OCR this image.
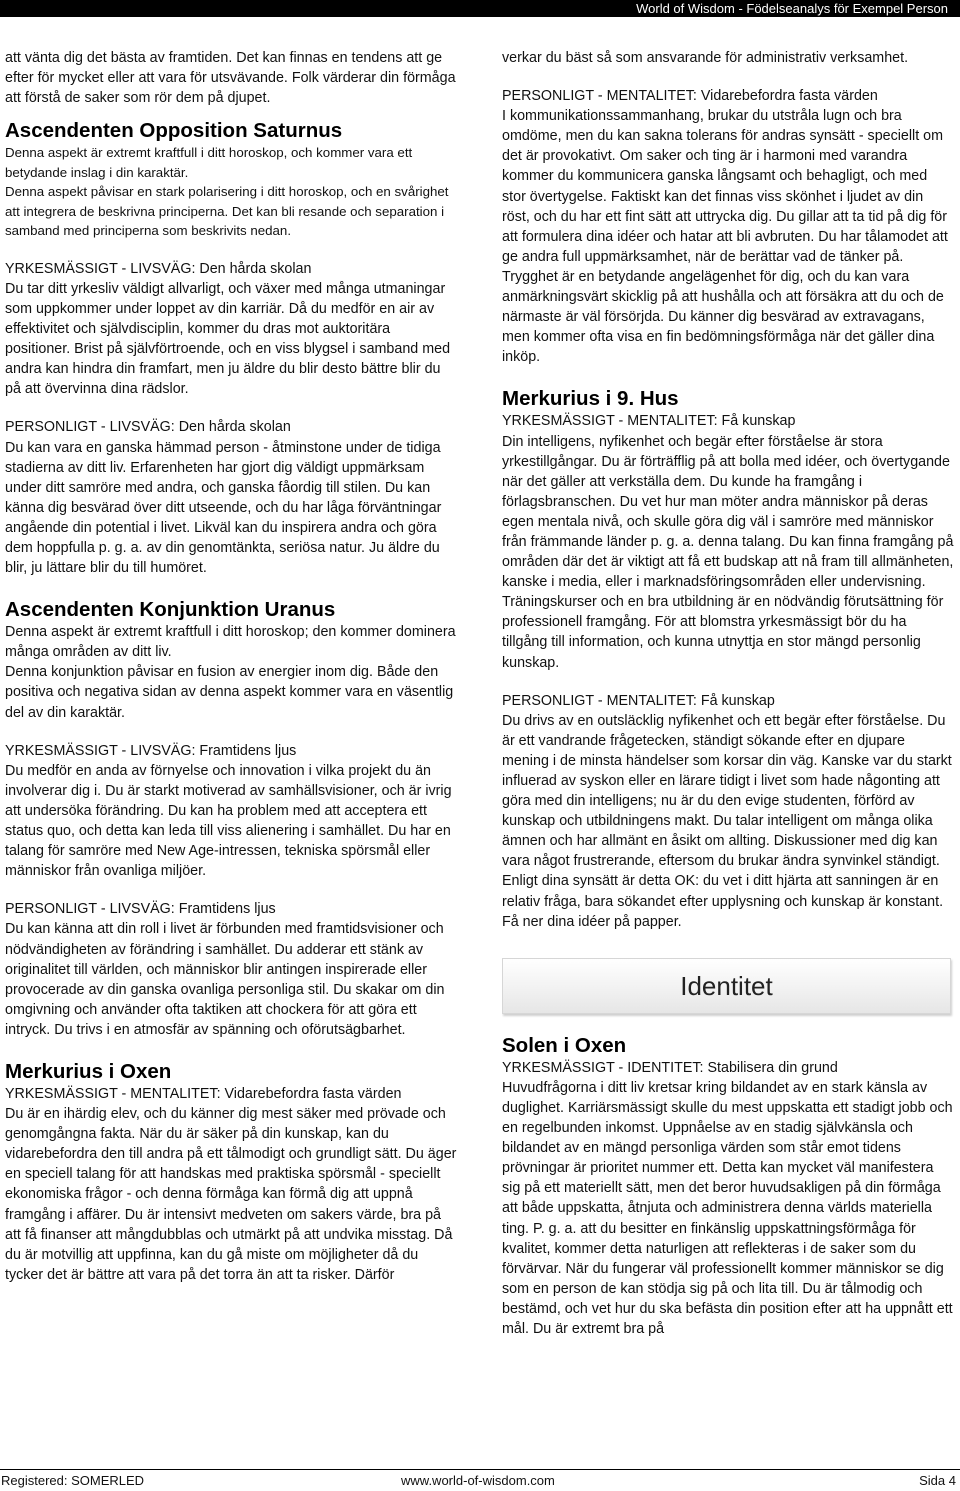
World of Wisdom - Födelseanalys för Exempel Person

att vänta dig det bästa av framtiden. Det kan finnas en tendens att ge efter för mycket eller att vara för utsvävande. Folk värderar din förmåga att förstå de saker som rör dem på djupet.

Ascendenten Opposition Saturnus

Denna aspekt är extremt kraftfull i ditt horoskop, och kommer vara ett betydande inslag i din karaktär.

Denna aspekt påvisar en stark polarisering i ditt horoskop, och en svårighet att integrera de beskrivna principerna. Det kan bli resande och separation i samband med principerna som beskrivits nedan.

YRKESMÄSSIGT - LIVSVÄG: Den hårda skolan

Du tar ditt yrkesliv väldigt allvarligt, och växer med många utmaningar som uppkommer under loppet av din karriär. Då du medför en air av effektivitet och självdisciplin, kommer du dras mot auktoritära positioner. Brist på självförtroende, och en viss blygsel i samband med andra kan hindra din framfart, men ju äldre du blir desto bättre blir du på att övervinna dina rädslor.

PERSONLIGT - LIVSVÄG: Den hårda skolan

Du kan vara en ganska hämmad person - åtminstone under de tidiga stadierna av ditt liv. Erfarenheten har gjort dig väldigt uppmärksam under ditt samröre med andra, och ganska fåordig till stilen. Du kan känna dig besvärad över ditt utseende, och du har låga förväntningar angående din potential i livet. Likväl kan du inspirera andra och göra dem hoppfulla p. g. a. av din genomtänkta, seriösa natur. Ju äldre du blir, ju lättare blir du till humöret.

Ascendenten Konjunktion Uranus

Denna aspekt är extremt kraftfull i ditt horoskop; den kommer dominera många områden av ditt liv.

Denna konjunktion påvisar en fusion av energier inom dig. Både den positiva och negativa sidan av denna aspekt kommer vara en väsentlig del av din karaktär.

YRKESMÄSSIGT - LIVSVÄG: Framtidens ljus

Du medför en anda av förnyelse och innovation i vilka projekt du än involverar dig i. Du är starkt motiverad av samhällsvisioner, och är ivrig att undersöka förändring. Du kan ha problem med att acceptera ett status quo, och detta kan leda till viss alienering i samhället. Du har en talang för samröre med New Age-intressen, tekniska spörsmål eller människor från ovanliga miljöer.

PERSONLIGT - LIVSVÄG: Framtidens ljus

Du kan känna att din roll i livet är förbunden med framtidsvisioner och nödvändigheten av förändring i samhället. Du adderar ett stänk av originalitet till världen, och människor blir antingen inspirerade eller provocerade av din ganska ovanliga personliga stil. Du skakar om din omgivning och använder ofta taktiken att chockera för att göra ett intryck. Du trivs i en atmosfär av spänning och oförutsägbarhet.

Merkurius i Oxen

YRKESMÄSSIGT - MENTALITET: Vidarebefordra fasta värden

Du är en ihärdig elev, och du känner dig mest säker med prövade och genomgångna fakta. När du är säker på din kunskap, kan du vidarebefordra den till andra på ett tålmodigt och grundligt sätt. Du äger en speciell talang för att handskas med praktiska spörsmål - speciellt ekonomiska frågor - och denna förmåga kan förmå dig att uppnå framgång i affärer. Du är intensivt medveten om sakers värde, bra på att få finanser att mångdubblas och utmärkt på att undvika misstag. Då du är motvillig att uppfinna, kan du gå miste om möjligheter då du tycker det är bättre att vara på det torra än att ta risker. Därför

verkar du bäst så som ansvarande för administrativ verksamhet.

PERSONLIGT - MENTALITET: Vidarebefordra fasta värden

I kommunikationssammanhang, brukar du utstråla lugn och bra omdöme, men du kan sakna tolerans för andras synsätt - speciellt om det är provokativt. Om saker och ting är i harmoni med varandra kommer du kommunicera ganska långsamt och behagligt, och med stor övertygelse. Faktiskt kan det finnas viss skönhet i ljudet av din röst, och du har ett fint sätt att uttrycka dig. Du gillar att ta tid på dig för att formulera dina idéer och hatar att bli avbruten. Du har tålamodet att ge andra full uppmärksamhet, när de berättar vad de tänker på. Trygghet är en betydande angelägenhet för dig, och du kan vara anmärkningsvärt skicklig på att hushålla och att försäkra att du och de närmaste är väl försörjda. Du känner dig besvärad av extravagans, men kommer ofta visa en fin bedömningsförmåga när det gäller dina inköp.

Merkurius i 9. Hus

YRKESMÄSSIGT - MENTALITET: Få kunskap

Din intelligens, nyfikenhet och begär efter förståelse är stora yrkestillgångar. Du är förträfflig på att bolla med idéer, och övertygande när det gäller att verkställa dem. Du kunde ha framgång i förlagsbranschen. Du vet hur man möter andra människor på deras egen mentala nivå, och skulle göra dig väl i samröre med människor från främmande länder p. g. a. denna talang. Du kan finna framgång på områden där det är viktigt att få ett budskap att nå fram till allmänheten, kanske i media, eller i marknadsföringsområden eller undervisning. Träningskurser och en bra utbildning är en nödvändig förutsättning för professionell framgång. För att blomstra yrkesmässigt bör du ha tillgång till information, och kunna utnyttja en stor mängd personlig kunskap.

PERSONLIGT - MENTALITET: Få kunskap

Du drivs av en outsläcklig nyfikenhet och ett begär efter förståelse. Du är ett vandrande frågetecken, ständigt sökande efter en djupare mening i de minsta händelser som korsar din väg. Kanske var du starkt influerad av syskon eller en lärare tidigt i livet som hade någonting att göra med din intelligens; nu är du den evige studenten, förförd av kunskap och utbildningens makt. Du talar intelligent om många olika ämnen och har allmänt en åsikt om allting. Diskussioner med dig kan vara något frustrerande, eftersom du brukar ändra synvinkel ständigt. Enligt dina synsätt är detta OK: du vet i ditt hjärta att sanningen är en relativ fråga, bara sökandet efter upplysning och kunskap är konstant. Få ner dina idéer på papper.

Identitet
Solen i Oxen

YRKESMÄSSIGT - IDENTITET: Stabilisera din grund

Huvudfrågorna i ditt liv kretsar kring bildandet av en stark känsla av duglighet. Karriärsmässigt skulle du mest uppskatta ett stadigt jobb och en regelbunden inkomst. Uppnåelse av en stadig självkänsla och bildandet av en mängd personliga värden som står emot tidens prövningar är prioritet nummer ett. Detta kan mycket väl manifestera sig på ett materiellt sätt, men det beror huvudsakligen på din förmåga att både uppskatta, åtnjuta och administrera denna världs materiella ting. P. g. a. att du besitter en finkänslig uppskattningsförmåga för kvalitet, kommer detta naturligen att reflekteras i de saker som du förvärvar. När du fungerar väl professionellt kommer människor se dig som en person de kan stödja sig på och lita till. Du är tålmodig och bestämd, och vet hur du ska befästa din position efter att ha uppnått ett mål. Du är extremt bra på

Registered: SOMERLED	www.world-of-wisdom.com	Sida 4
